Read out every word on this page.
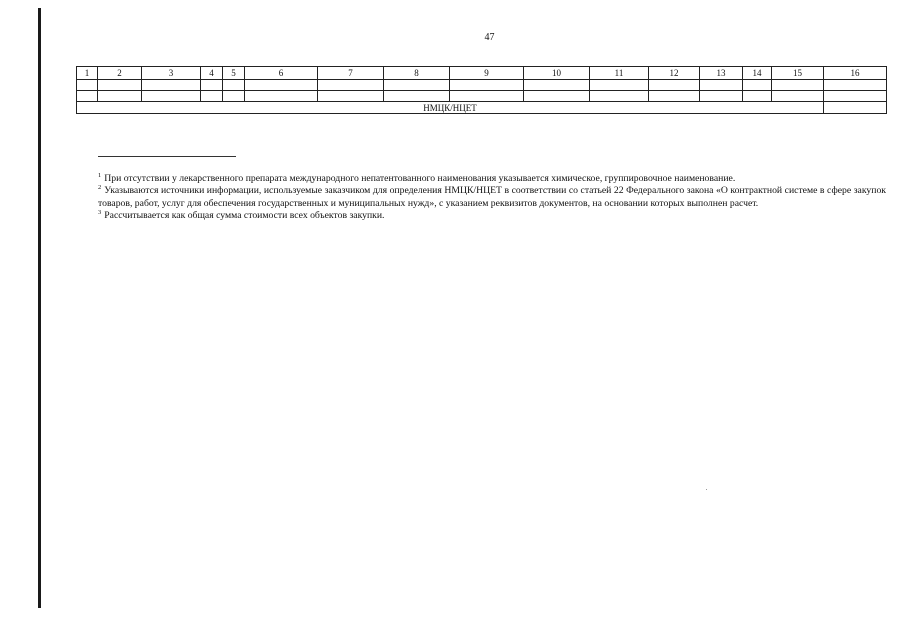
47
1	2	3	4	5	6	7	8	9	10	11	12	13	14	15	16

НМЦК/НЦЕТ															

$^1$ При отсутствии у лекарственного препарата международного непатентованного наименования указывается химическое, группировочное наименование.

$^2$ Указываются источники информации, используемые заказчиком для определения НМЦК/НЦЕТ в соответствии со статьей 22 Федерального закона «О контрактной системе в сфере закупок товаров, работ, услуг для обеспечения государственных и муниципальных нужд», с указанием реквизитов документов, на основании которых выполнен расчет.

$^3$ Рассчитывается как общая сумма стоимости всех объектов закупки.
